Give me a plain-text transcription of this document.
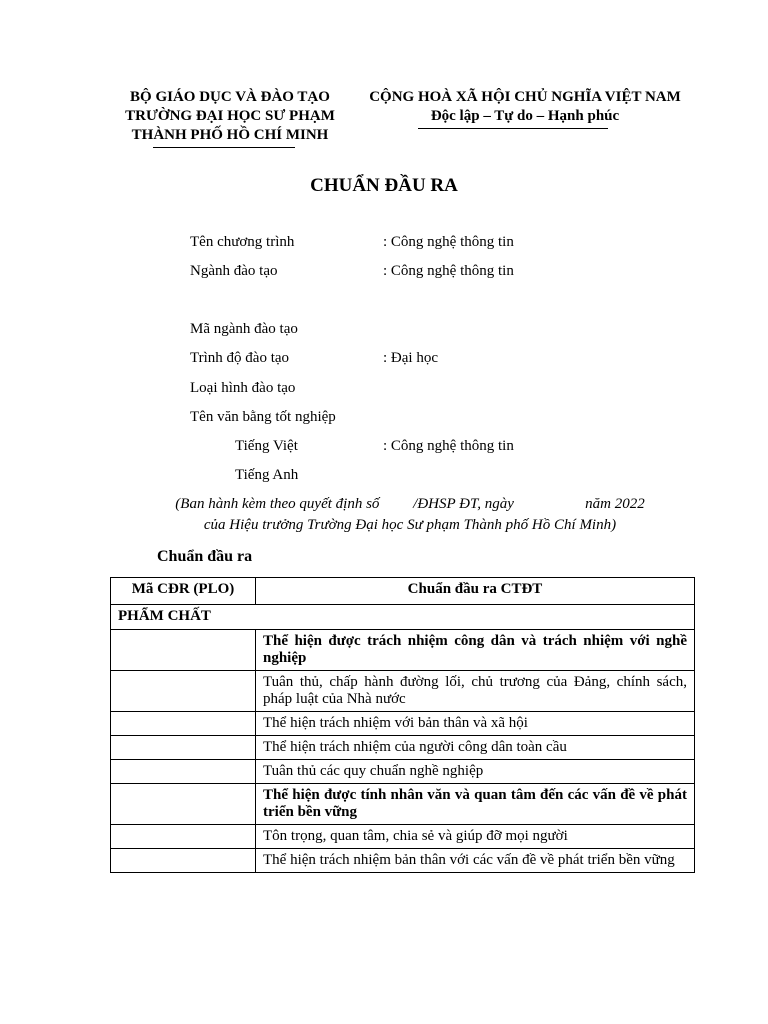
BỘ GIÁO DỤC VÀ ĐÀO TẠO
TRƯỜNG ĐẠI HỌC SƯ PHẠM
THÀNH PHỐ HỒ CHÍ MINH
CỘNG HOÀ XÃ HỘI CHỦ NGHĨA VIỆT NAM
Độc lập – Tự do – Hạnh phúc
CHUẨN ĐẦU RA
Tên chương trình	: Công nghệ thông tin
Ngành đào tạo	: Công nghệ thông tin
Mã ngành đào tạo
Trình độ đào tạo	: Đại học
Loại hình đào tạo
Tên văn bằng tốt nghiệp
Tiếng Việt	: Công nghệ thông tin
Tiếng Anh
(Ban hành kèm theo quyết định số         /ĐHSP ĐT, ngày                   năm 2022
của Hiệu trưởng Trường Đại học Sư phạm Thành phố Hồ Chí Minh)
Chuẩn đầu ra
Mã CĐR (PLO)	Chuẩn đầu ra CTĐT
PHẨM CHẤT	
	Thể hiện được trách nhiệm công dân và trách nhiệm với nghề nghiệp
	Tuân thủ, chấp hành đường lối, chủ trương của Đảng, chính sách, pháp luật của Nhà nước
	Thể hiện trách nhiệm với bản thân và xã hội
	Thể hiện trách nhiệm của người công dân toàn cầu
	Tuân thủ các quy chuẩn nghề nghiệp
	Thể hiện được tính nhân văn và quan tâm đến các vấn đề về phát triển bền vững
	Tôn trọng, quan tâm, chia sẻ và giúp đỡ mọi người
	Thể hiện trách nhiệm bản thân với các vấn đề về phát triển bền vững
